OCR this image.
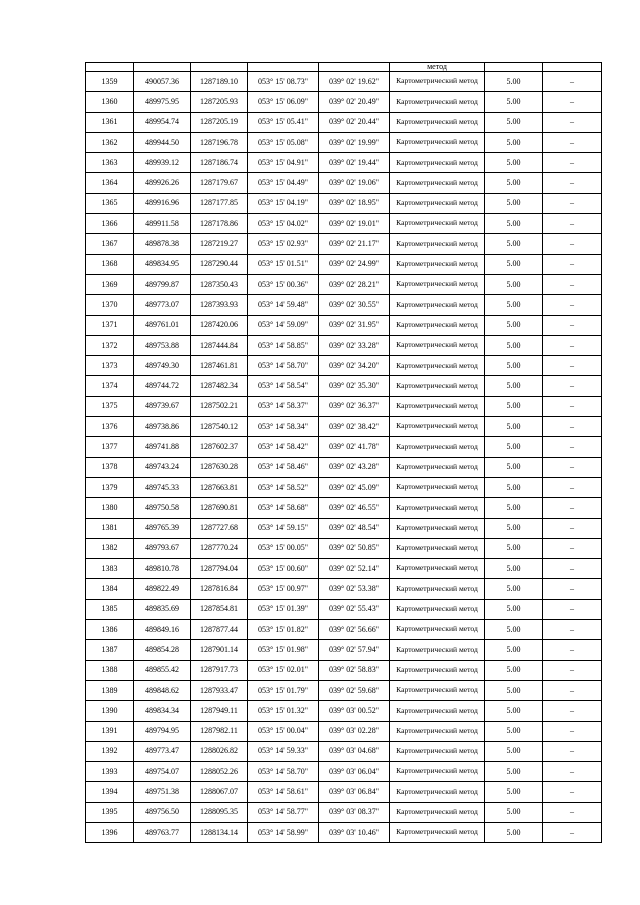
					метод		
1359	490057.36	1287189.10	053° 15' 08.73"	039° 02' 19.62"	Картометрический метод	5.00	–
1360	489975.95	1287205.93	053° 15' 06.09"	039° 02' 20.49"	Картометрический метод	5.00	–
1361	489954.74	1287205.19	053° 15' 05.41"	039° 02' 20.44"	Картометрический метод	5.00	–
1362	489944.50	1287196.78	053° 15' 05.08"	039° 02' 19.99"	Картометрический метод	5.00	–
1363	489939.12	1287186.74	053° 15' 04.91"	039° 02' 19.44"	Картометрический метод	5.00	–
1364	489926.26	1287179.67	053° 15' 04.49"	039° 02' 19.06"	Картометрический метод	5.00	–
1365	489916.96	1287177.85	053° 15' 04.19"	039° 02' 18.95"	Картометрический метод	5.00	–
1366	489911.58	1287178.86	053° 15' 04.02"	039° 02' 19.01"	Картометрический метод	5.00	–
1367	489878.38	1287219.27	053° 15' 02.93"	039° 02' 21.17"	Картометрический метод	5.00	–
1368	489834.95	1287290.44	053° 15' 01.51"	039° 02' 24.99"	Картометрический метод	5.00	–
1369	489799.87	1287350.43	053° 15' 00.36"	039° 02' 28.21"	Картометрический метод	5.00	–
1370	489773.07	1287393.93	053° 14' 59.48"	039° 02' 30.55"	Картометрический метод	5.00	–
1371	489761.01	1287420.06	053° 14' 59.09"	039° 02' 31.95"	Картометрический метод	5.00	–
1372	489753.88	1287444.84	053° 14' 58.85"	039° 02' 33.28"	Картометрический метод	5.00	–
1373	489749.30	1287461.81	053° 14' 58.70"	039° 02' 34.20"	Картометрический метод	5.00	–
1374	489744.72	1287482.34	053° 14' 58.54"	039° 02' 35.30"	Картометрический метод	5.00	–
1375	489739.67	1287502.21	053° 14' 58.37"	039° 02' 36.37"	Картометрический метод	5.00	–
1376	489738.86	1287540.12	053° 14' 58.34"	039° 02' 38.42"	Картометрический метод	5.00	–
1377	489741.88	1287602.37	053° 14' 58.42"	039° 02' 41.78"	Картометрический метод	5.00	–
1378	489743.24	1287630.28	053° 14' 58.46"	039° 02' 43.28"	Картометрический метод	5.00	–
1379	489745.33	1287663.81	053° 14' 58.52"	039° 02' 45.09"	Картометрический метод	5.00	–
1380	489750.58	1287690.81	053° 14' 58.68"	039° 02' 46.55"	Картометрический метод	5.00	–
1381	489765.39	1287727.68	053° 14' 59.15"	039° 02' 48.54"	Картометрический метод	5.00	–
1382	489793.67	1287770.24	053° 15' 00.05"	039° 02' 50.85"	Картометрический метод	5.00	–
1383	489810.78	1287794.04	053° 15' 00.60"	039° 02' 52.14"	Картометрический метод	5.00	–
1384	489822.49	1287816.84	053° 15' 00.97"	039° 02' 53.38"	Картометрический метод	5.00	–
1385	489835.69	1287854.81	053° 15' 01.39"	039° 02' 55.43"	Картометрический метод	5.00	–
1386	489849.16	1287877.44	053° 15' 01.82"	039° 02' 56.66"	Картометрический метод	5.00	–
1387	489854.28	1287901.14	053° 15' 01.98"	039° 02' 57.94"	Картометрический метод	5.00	–
1388	489855.42	1287917.73	053° 15' 02.01"	039° 02' 58.83"	Картометрический метод	5.00	–
1389	489848.62	1287933.47	053° 15' 01.79"	039° 02' 59.68"	Картометрический метод	5.00	–
1390	489834.34	1287949.11	053° 15' 01.32"	039° 03' 00.52"	Картометрический метод	5.00	–
1391	489794.95	1287982.11	053° 15' 00.04"	039° 03' 02.28"	Картометрический метод	5.00	–
1392	489773.47	1288026.82	053° 14' 59.33"	039° 03' 04.68"	Картометрический метод	5.00	–
1393	489754.07	1288052.26	053° 14' 58.70"	039° 03' 06.04"	Картометрический метод	5.00	–
1394	489751.38	1288067.07	053° 14' 58.61"	039° 03' 06.84"	Картометрический метод	5.00	–
1395	489756.50	1288095.35	053° 14' 58.77"	039° 03' 08.37"	Картометрический метод	5.00	–
1396	489763.77	1288134.14	053° 14' 58.99"	039° 03' 10.46"	Картометрический метод	5.00	–
